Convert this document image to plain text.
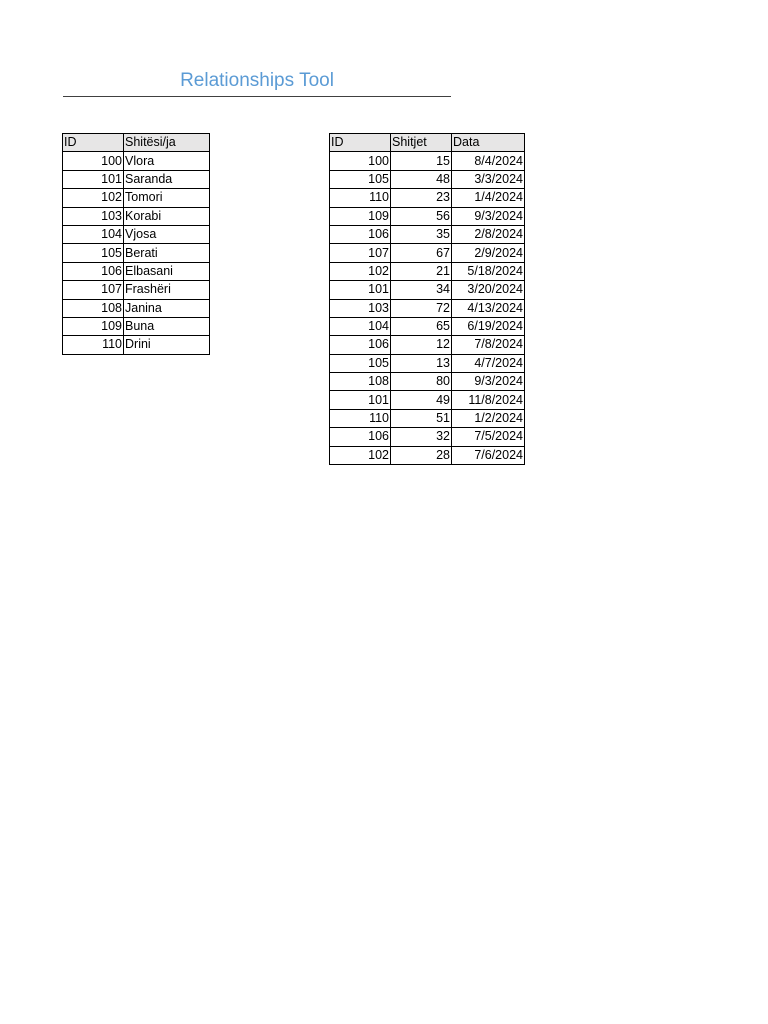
Relationships Tool
ID	Shitësi/ja
100	Vlora
101	Saranda
102	Tomori
103	Korabi
104	Vjosa
105	Berati
106	Elbasani
107	Frashëri
108	Janina
109	Buna
110	Drini
ID	Shitjet	Data
100	15	8/4/2024
105	48	3/3/2024
110	23	1/4/2024
109	56	9/3/2024
106	35	2/8/2024
107	67	2/9/2024
102	21	5/18/2024
101	34	3/20/2024
103	72	4/13/2024
104	65	6/19/2024
106	12	7/8/2024
105	13	4/7/2024
108	80	9/3/2024
101	49	11/8/2024
110	51	1/2/2024
106	32	7/5/2024
102	28	7/6/2024
